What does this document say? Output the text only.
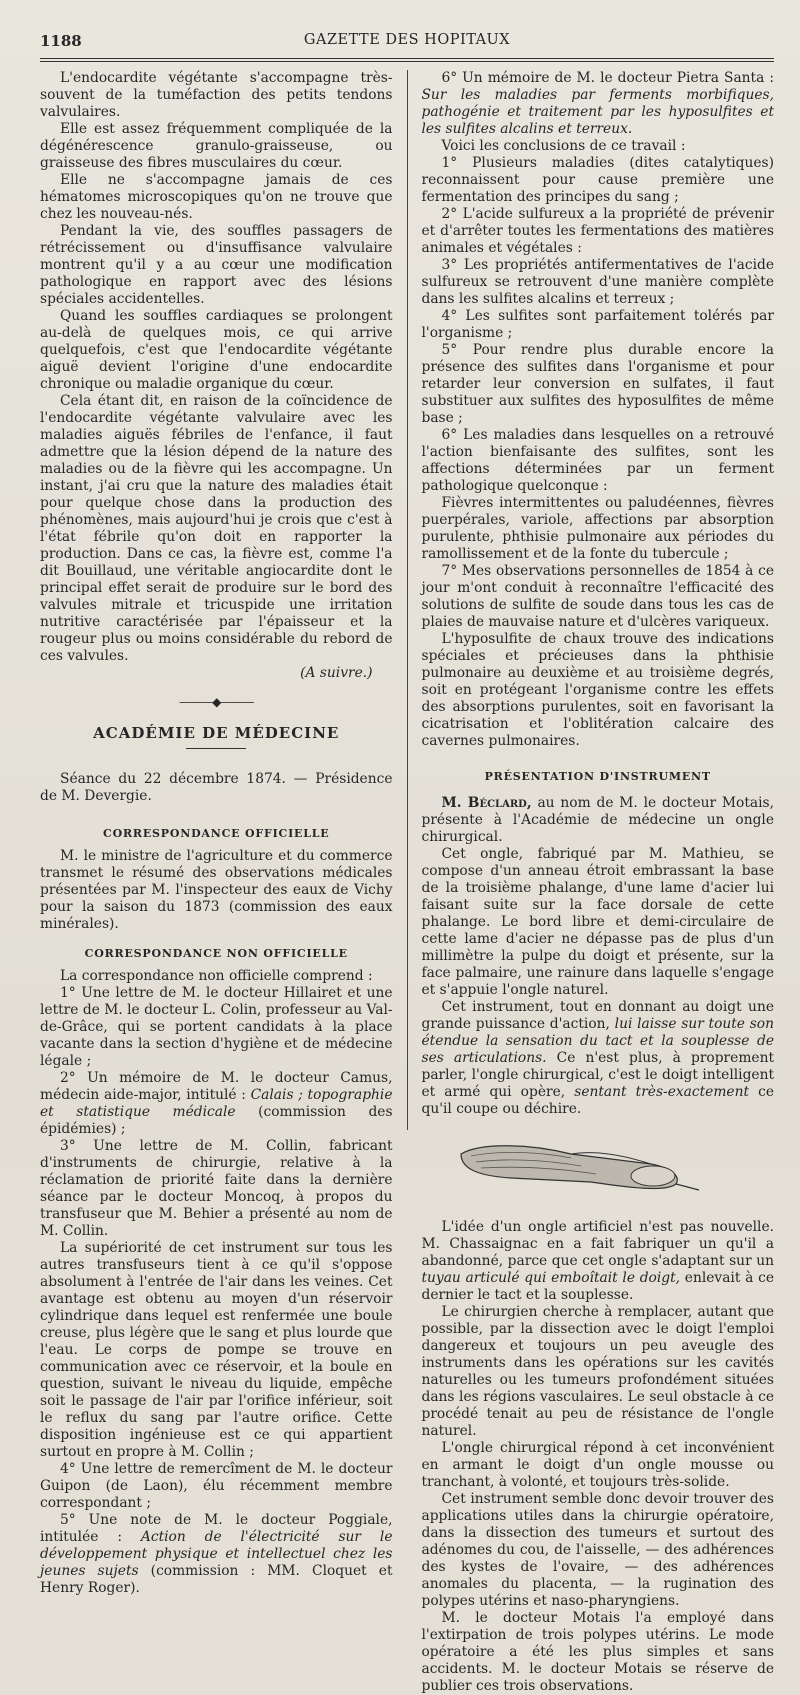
1188	GAZETTE DES HOPITAUX

L'endocardite végétante s'accompagne très-souvent de la tuméfaction des petits tendons valvulaires.

Elle est assez fréquemment compliquée de la dégénérescence granulo-graisseuse, ou graisseuse des fibres musculaires du cœur.

Elle ne s'accompagne jamais de ces hématomes microscopiques qu'on ne trouve que chez les nouveau-nés.

Pendant la vie, des souffles passagers de rétrécissement ou d'insuffisance valvulaire montrent qu'il y a au cœur une modification pathologique en rapport avec des lésions spéciales accidentelles.

Quand les souffles cardiaques se prolongent au-delà de quelques mois, ce qui arrive quelquefois, c'est que l'endocardite végétante aiguë devient l'origine d'une endocardite chronique ou maladie organique du cœur.

Cela étant dit, en raison de la coïncidence de l'endocardite végétante valvulaire avec les maladies aiguës fébriles de l'enfance, il faut admettre que la lésion dépend de la nature des maladies ou de la fièvre qui les accompagne. Un instant, j'ai cru que la nature des maladies était pour quelque chose dans la production des phénomènes, mais aujourd'hui je crois que c'est à l'état fébrile qu'on doit en rapporter la production. Dans ce cas, la fièvre est, comme l'a dit Bouillaud, une véritable angiocardite dont le principal effet serait de produire sur le bord des valvules mitrale et tricuspide une irritation nutritive caractérisée par l'épaisseur et la rougeur plus ou moins considérable du rebord de ces valvules.

(A suivre.)
———◆———
ACADÉMIE DE MÉDECINE

Séance du 22 décembre 1874. — Présidence de M. Devergie.

CORRESPONDANCE OFFICIELLE

M. le ministre de l'agriculture et du commerce transmet le résumé des observations médicales présentées par M. l'inspecteur des eaux de Vichy pour la saison du 1873 (commission des eaux minérales).

CORRESPONDANCE NON OFFICIELLE

La correspondance non officielle comprend :

1° Une lettre de M. le docteur Hillairet et une lettre de M. le docteur L. Colin, professeur au Val-de-Grâce, qui se portent candidats à la place vacante dans la section d'hygiène et de médecine légale ;

2° Un mémoire de M. le docteur Camus, médecin aide-major, intitulé : Calais ; topographie et statistique médicale (commission des épidémies) ;

3° Une lettre de M. Collin, fabricant d'instruments de chirurgie, relative à la réclamation de priorité faite dans la dernière séance par le docteur Moncoq, à propos du transfuseur que M. Behier a présenté au nom de M. Collin.

La supériorité de cet instrument sur tous les autres transfuseurs tient à ce qu'il s'oppose absolument à l'entrée de l'air dans les veines. Cet avantage est obtenu au moyen d'un réservoir cylindrique dans lequel est renfermée une boule creuse, plus légère que le sang et plus lourde que l'eau. Le corps de pompe se trouve en communication avec ce réservoir, et la boule en question, suivant le niveau du liquide, empêche soit le passage de l'air par l'orifice inférieur, soit le reflux du sang par l'autre orifice. Cette disposition ingénieuse est ce qui appartient surtout en propre à M. Collin ;

4° Une lettre de remercîment de M. le docteur Guipon (de Laon), élu récemment membre correspondant ;

5° Une note de M. le docteur Poggiale, intitulée : Action de l'électricité sur le développement physique et intellectuel chez les jeunes sujets (commission : MM. Cloquet et Henry Roger).

6° Un mémoire de M. le docteur Pietra Santa : Sur les maladies par ferments morbifiques, pathogénie et traitement par les hyposulfites et les sulfites alcalins et terreux.

Voici les conclusions de ce travail :

1° Plusieurs maladies (dites catalytiques) reconnaissent pour cause première une fermentation des principes du sang ;

2° L'acide sulfureux a la propriété de prévenir et d'arrêter toutes les fermentations des matières animales et végétales :

3° Les propriétés antifermentatives de l'acide sulfureux se retrouvent d'une manière complète dans les sulfites alcalins et terreux ;

4° Les sulfites sont parfaitement tolérés par l'organisme ;

5° Pour rendre plus durable encore la présence des sulfites dans l'organisme et pour retarder leur conversion en sulfates, il faut substituer aux sulfites des hyposulfites de même base ;

6° Les maladies dans lesquelles on a retrouvé l'action bienfaisante des sulfites, sont les affections déterminées par un ferment pathologique quelconque :

Fièvres intermittentes ou paludéennes, fièvres puerpérales, variole, affections par absorption purulente, phthisie pulmonaire aux périodes du ramollissement et de la fonte du tubercule ;

7° Mes observations personnelles de 1854 à ce jour m'ont conduit à reconnaître l'efficacité des solutions de sulfite de soude dans tous les cas de plaies de mauvaise nature et d'ulcères variqueux.

L'hyposulfite de chaux trouve des indications spéciales et précieuses dans la phthisie pulmonaire au deuxième et au troisième degrés, soit en protégeant l'organisme contre les effets des absorptions purulentes, soit en favorisant la cicatrisation et l'oblitération calcaire des cavernes pulmonaires.

PRÉSENTATION D'INSTRUMENT

M. Béclard, au nom de M. le docteur Motais, présente à l'Académie de médecine un ongle chirurgical.

Cet ongle, fabriqué par M. Mathieu, se compose d'un anneau étroit embrassant la base de la troisième phalange, d'une lame d'acier lui faisant suite sur la face dorsale de cette phalange. Le bord libre et demi-circulaire de cette lame d'acier ne dépasse pas de plus d'un millimètre la pulpe du doigt et présente, sur la face palmaire, une rainure dans laquelle s'engage et s'appuie l'ongle naturel.

Cet instrument, tout en donnant au doigt une grande puissance d'action, lui laisse sur toute son étendue la sensation du tact et la souplesse de ses articulations. Ce n'est plus, à proprement parler, l'ongle chirurgical, c'est le doigt intelligent et armé qui opère, sentant très-exactement ce qu'il coupe ou déchire.

L'idée d'un ongle artificiel n'est pas nouvelle. M. Chassaignac en a fait fabriquer un qu'il a abandonné, parce que cet ongle s'adaptant sur un tuyau articulé qui emboîtait le doigt, enlevait à ce dernier le tact et la souplesse.

Le chirurgien cherche à remplacer, autant que possible, par la dissection avec le doigt l'emploi dangereux et toujours un peu aveugle des instruments dans les opérations sur les cavités naturelles ou les tumeurs profondément situées dans les régions vasculaires. Le seul obstacle à ce procédé tenait au peu de résistance de l'ongle naturel.

L'ongle chirurgical répond à cet inconvénient en armant le doigt d'un ongle mousse ou tranchant, à volonté, et toujours très-solide.

Cet instrument semble donc devoir trouver des applications utiles dans la chirurgie opératoire, dans la dissection des tumeurs et surtout des adénomes du cou, de l'aisselle, — des adhérences des kystes de l'ovaire, — des adhérences anomales du placenta, — la rugination des polypes utérins et naso-pharyngiens.

M. le docteur Motais l'a employé dans l'extirpation de trois polypes utérins. Le mode opératoire a été les plus simples et sans accidents. M. le docteur Motais se réserve de publier ces trois observations.
